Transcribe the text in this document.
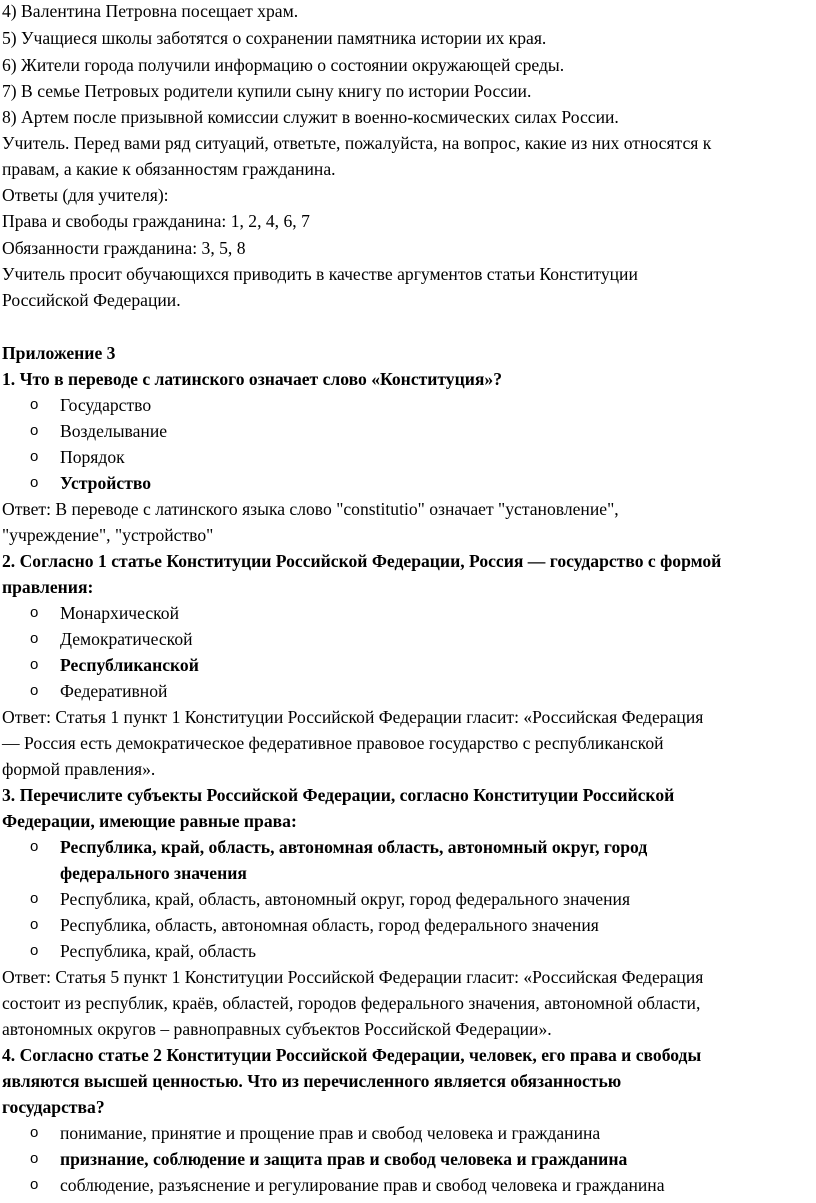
4) Валентина Петровна посещает храм.
5) Учащиеся школы заботятся о сохранении памятника истории их края.
6) Жители города получили информацию о состоянии окружающей среды.
7) В семье Петровых родители купили сыну книгу по истории России.
8) Артем после призывной комиссии служит в военно-космических силах России.
Учитель. Перед вами ряд ситуаций, ответьте, пожалуйста, на вопрос, какие из них относятся к
правам, а какие к обязанностям гражданина.
Ответы (для учителя):
Права и свободы гражданина: 1, 2, 4, 6, 7
Обязанности гражданина: 3, 5, 8
Учитель просит обучающихся приводить в качестве аргументов статьи Конституции
Российской Федерации.
Приложение 3
1. Что в переводе с латинского означает слово «Конституция»?
o Государство
o Возделывание
o Порядок
o Устройство
Ответ: В переводе с латинского языка слово "constitutio" означает "установление",
"учреждение", "устройство"
2. Согласно 1 статье Конституции Российской Федерации, Россия — государство с формой
правления:
o Монархической
o Демократической
o Республиканской
o Федеративной
Ответ: Статья 1 пункт 1 Конституции Российской Федерации гласит: «Российская Федерация
— Россия есть демократическое федеративное правовое государство с республиканской
формой правления».
3. Перечислите субъекты Российской Федерации, согласно Конституции Российской
Федерации, имеющие равные права:
o Республика, край, область, автономная область, автономный округ, город
федерального значения
o Республика, край, область, автономный округ, город федерального значения
o Республика, область, автономная область, город федерального значения
o Республика, край, область
Ответ: Статья 5 пункт 1 Конституции Российской Федерации гласит: «Российская Федерация
состоит из республик, краёв, областей, городов федерального значения, автономной области,
автономных округов – равноправных субъектов Российской Федерации».
4. Согласно статье 2 Конституции Российской Федерации, человек, его права и свободы
являются высшей ценностью. Что из перечисленного является обязанностью
государства?
o понимание, принятие и прощение прав и свобод человека и гражданина
o признание, соблюдение и защита прав и свобод человека и гражданина
o соблюдение, разъяснение и регулирование прав и свобод человека и гражданина
